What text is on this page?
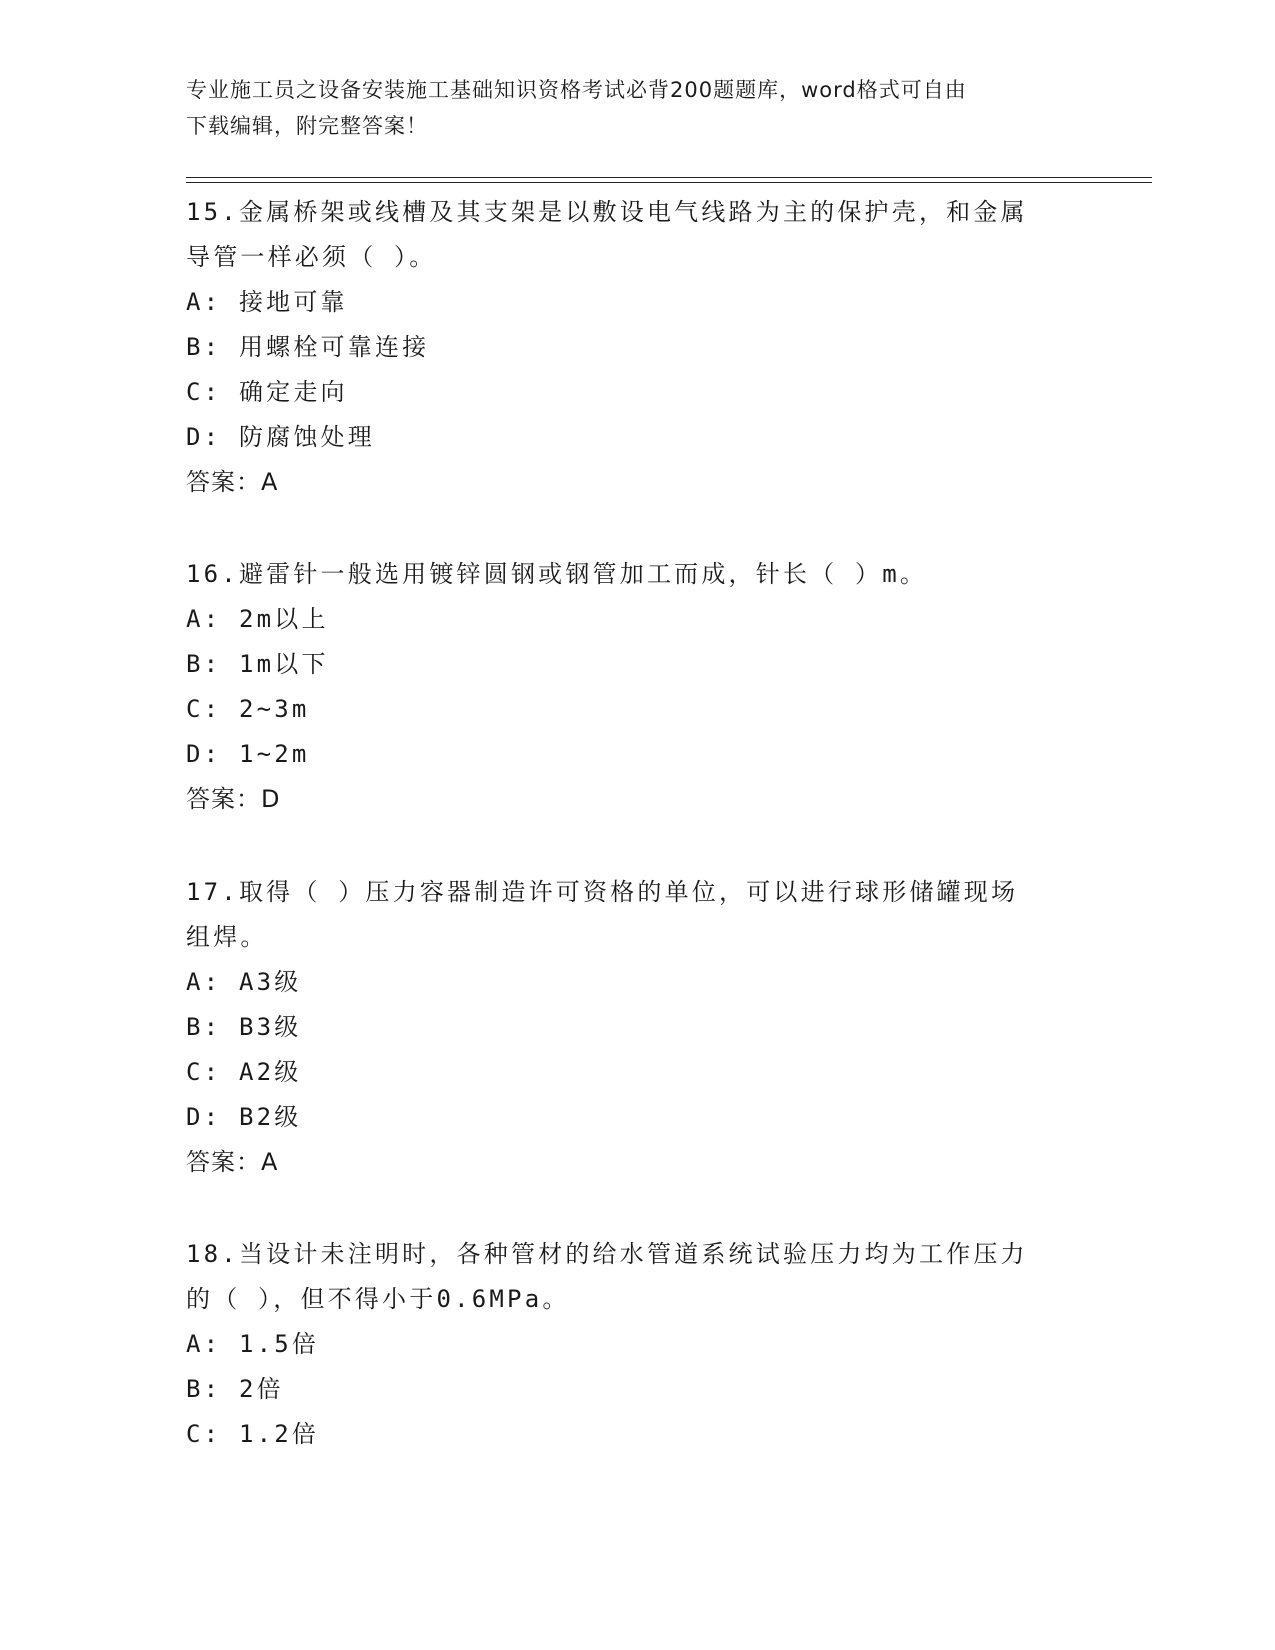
专业施工员之设备安装施工基础知识资格考试必背200题题库，word格式可自由
下载编辑，附完整答案！

15.金属桥架或线槽及其支架是以敷设电气线路为主的保护壳，和金属

导管一样必须（ ）。

A: 接地可靠

B: 用螺栓可靠连接

C: 确定走向

D: 防腐蚀处理

答案：A

16.避雷针一般选用镀锌圆钢或钢管加工而成，针长（ ）m。

A: 2m以上

B: 1m以下

C: 2~3m

D: 1~2m

答案：D

17.取得（ ）压力容器制造许可资格的单位，可以进行球形储罐现场

组焊。

A: A3级

B: B3级

C: A2级

D: B2级

答案：A

18.当设计未注明时，各种管材的给水管道系统试验压力均为工作压力

的（ ），但不得小于0.6MPa。

A: 1.5倍

B: 2倍

C: 1.2倍
